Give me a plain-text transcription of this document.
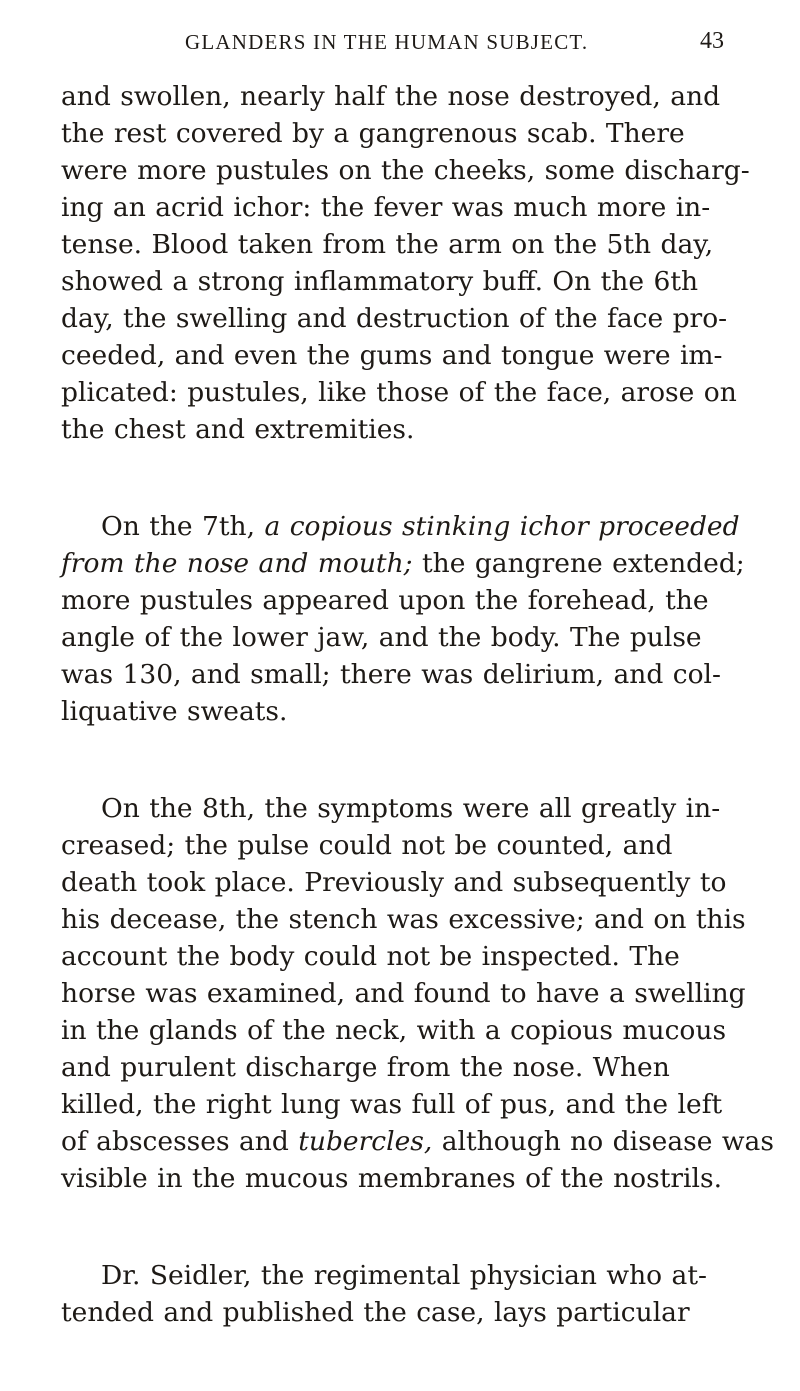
GLANDERS IN THE HUMAN SUBJECT.	43
and swollen, nearly half the nose destroyed, and
the rest covered by a gangrenous scab. There
were more pustules on the cheeks, some discharg-
ing an acrid ichor: the fever was much more in-
tense. Blood taken from the arm on the 5th day,
showed a strong inflammatory buff. On the 6th
day, the swelling and destruction of the face pro-
ceeded, and even the gums and tongue were im-
plicated: pustules, like those of the face, arose on
the chest and extremities.
On the 7th, a copious stinking ichor proceeded
from the nose and mouth; the gangrene extended;
more pustules appeared upon the forehead, the
angle of the lower jaw, and the body. The pulse
was 130, and small; there was delirium, and col-
liquative sweats.
On the 8th, the symptoms were all greatly in-
creased; the pulse could not be counted, and
death took place. Previously and subsequently to
his decease, the stench was excessive; and on this
account the body could not be inspected. The
horse was examined, and found to have a swelling
in the glands of the neck, with a copious mucous
and purulent discharge from the nose. When
killed, the right lung was full of pus, and the left
of abscesses and tubercles, although no disease was
visible in the mucous membranes of the nostrils.
Dr. Seidler, the regimental physician who at-
tended and published the case, lays particular
